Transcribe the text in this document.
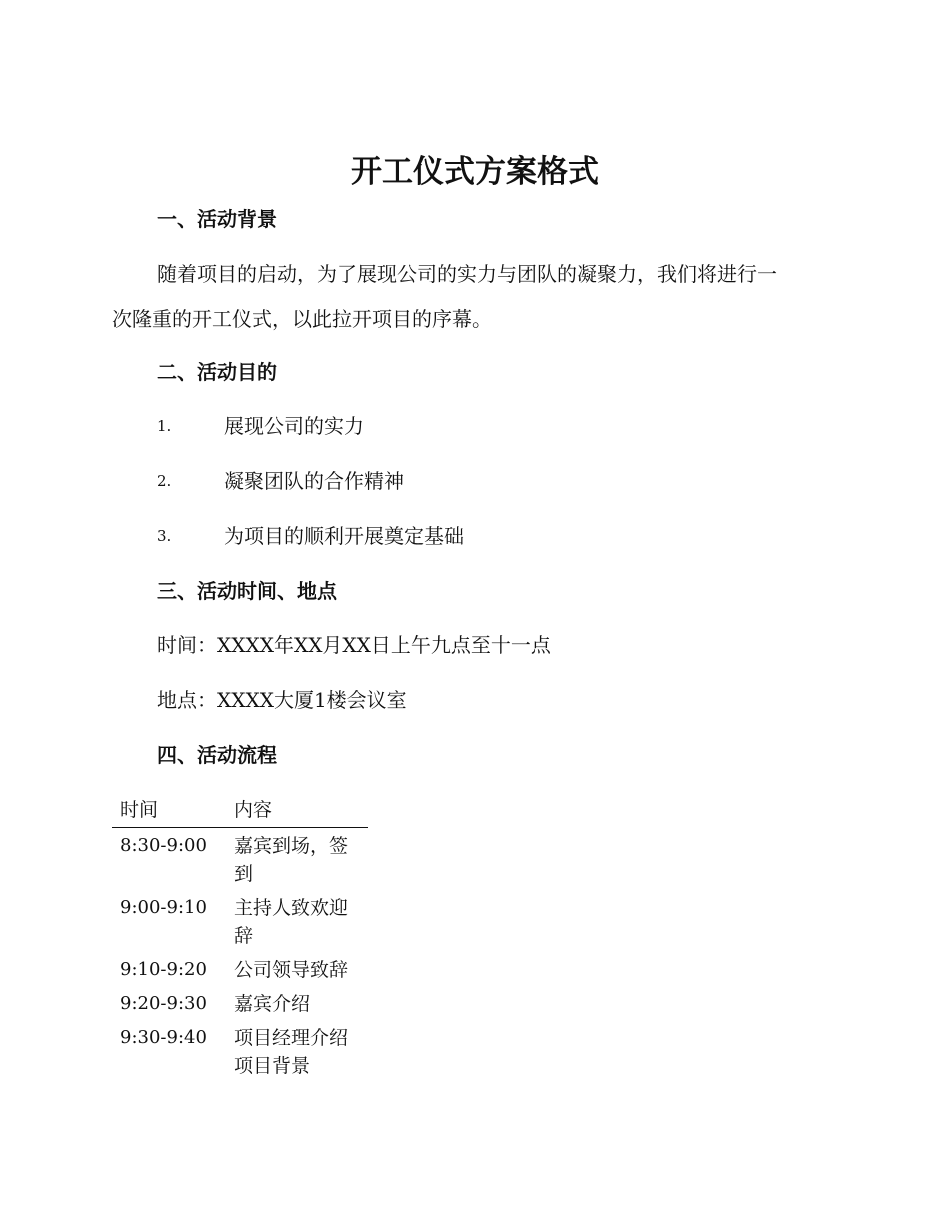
开工仪式方案格式
一、活动背景
随着项目的启动，为了展现公司的实力与团队的凝聚力，我们将进行一
次隆重的开工仪式，以此拉开项目的序幕。
二、活动目的
1.	展现公司的实力
2.	凝聚团队的合作精神
3.	为项目的顺利开展奠定基础
三、活动时间、地点
时间：XXXX年XX月XX日上午九点至十一点
地点：XXXX大厦1楼会议室
四、活动流程
时间	内容
8:30-9:00	嘉宾到场，签到
9:00-9:10	主持人致欢迎辞
9:10-9:20	公司领导致辞
9:20-9:30	嘉宾介绍
9:30-9:40	项目经理介绍项目背景
